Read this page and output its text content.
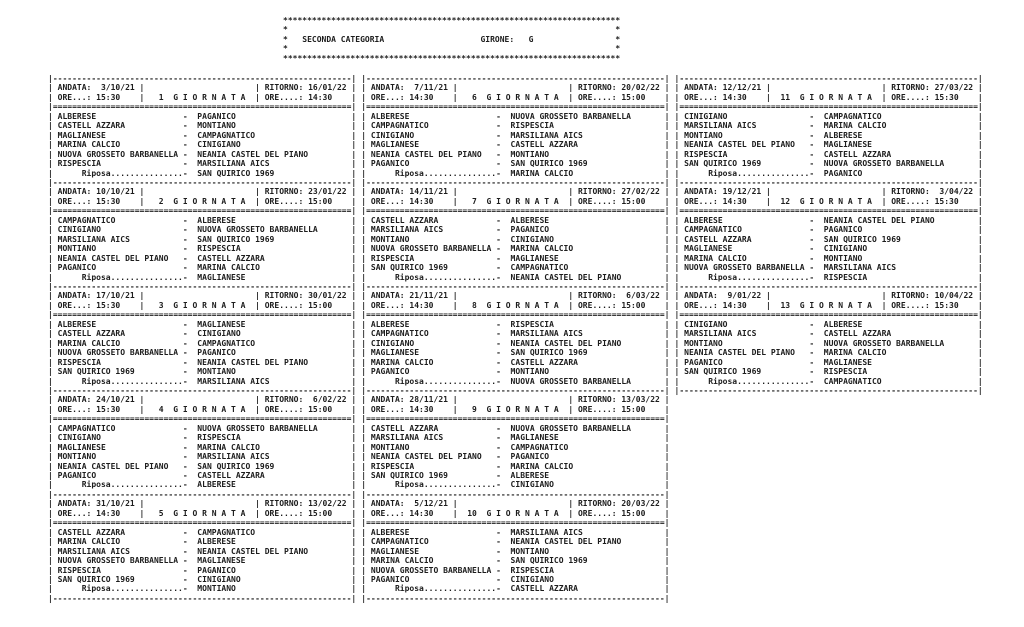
**********************************************************************
*                                                                    *
*   SECONDA CATEGORIA                    GIRONE:   G                 *
*                                                                    *
**********************************************************************
|--------------------------------------------------------------|
| ANDATA:  3/10/21 |                       | RITORNO: 16/01/22 |
| ORE...: 15:30    |   1  G I O R N A T A  | ORE....: 14:30    |
|==============================================================|
| ALBERESE                  -  PAGANICO                        |
| CASTELL AZZARA            -  MONTIANO                        |
| MAGLIANESE                -  CAMPAGNATICO                    |
| MARINA CALCIO             -  CINIGIANO                       |
| NUOVA GROSSETO BARBANELLA -  NEANIA CASTEL DEL PIANO         |
| RISPESCIA                 -  MARSILIANA AICS                 |
|      Riposa...............-  SAN QUIRICO 1969                |
|--------------------------------------------------------------|
| ANDATA: 10/10/21 |                       | RITORNO: 23/01/22 |
| ORE...: 15:30    |   2  G I O R N A T A  | ORE....: 15:00    |
|==============================================================|
| CAMPAGNATICO              -  ALBERESE                        |
| CINIGIANO                 -  NUOVA GROSSETO BARBANELLA       |
| MARSILIANA AICS           -  SAN QUIRICO 1969                |
| MONTIANO                  -  RISPESCIA                       |
| NEANIA CASTEL DEL PIANO   -  CASTELL AZZARA                  |
| PAGANICO                  -  MARINA CALCIO                   |
|      Riposa...............-  MAGLIANESE                      |
|--------------------------------------------------------------|
| ANDATA: 17/10/21 |                       | RITORNO: 30/01/22 |
| ORE...: 15:30    |   3  G I O R N A T A  | ORE....: 15:00    |
|==============================================================|
| ALBERESE                  -  MAGLIANESE                      |
| CASTELL AZZARA            -  CINIGIANO                       |
| MARINA CALCIO             -  CAMPAGNATICO                    |
| NUOVA GROSSETO BARBANELLA -  PAGANICO                        |
| RISPESCIA                 -  NEANIA CASTEL DEL PIANO         |
| SAN QUIRICO 1969          -  MONTIANO                        |
|      Riposa...............-  MARSILIANA AICS                 |
|--------------------------------------------------------------|
| ANDATA: 24/10/21 |                       | RITORNO:  6/02/22 |
| ORE...: 15:30    |   4  G I O R N A T A  | ORE....: 15:00    |
|==============================================================|
| CAMPAGNATICO              -  NUOVA GROSSETO BARBANELLA       |
| CINIGIANO                 -  RISPESCIA                       |
| MAGLIANESE                -  MARINA CALCIO                   |
| MONTIANO                  -  MARSILIANA AICS                 |
| NEANIA CASTEL DEL PIANO   -  SAN QUIRICO 1969                |
| PAGANICO                  -  CASTELL AZZARA                  |
|      Riposa...............-  ALBERESE                        |
|--------------------------------------------------------------|
| ANDATA: 31/10/21 |                       | RITORNO: 13/02/22 |
| ORE...: 14:30    |   5  G I O R N A T A  | ORE....: 15:00    |
|==============================================================|
| CASTELL AZZARA            -  CAMPAGNATICO                    |
| MARINA CALCIO             -  ALBERESE                        |
| MARSILIANA AICS           -  NEANIA CASTEL DEL PIANO         |
| NUOVA GROSSETO BARBANELLA -  MAGLIANESE                      |
| RISPESCIA                 -  PAGANICO                        |
| SAN QUIRICO 1969          -  CINIGIANO                       |
|      Riposa...............-  MONTIANO                        |
|--------------------------------------------------------------|
|--------------------------------------------------------------|
| ANDATA:  7/11/21 |                       | RITORNO: 20/02/22 |
| ORE...: 14:30    |   6  G I O R N A T A  | ORE....: 15:00    |
|==============================================================|
| ALBERESE                  -  NUOVA GROSSETO BARBANELLA       |
| CAMPAGNATICO              -  RISPESCIA                       |
| CINIGIANO                 -  MARSILIANA AICS                 |
| MAGLIANESE                -  CASTELL AZZARA                  |
| NEANIA CASTEL DEL PIANO   -  MONTIANO                        |
| PAGANICO                  -  SAN QUIRICO 1969                |
|      Riposa...............-  MARINA CALCIO                   |
|--------------------------------------------------------------|
| ANDATA: 14/11/21 |                       | RITORNO: 27/02/22 |
| ORE...: 14:30    |   7  G I O R N A T A  | ORE....: 15:00    |
|==============================================================|
| CASTELL AZZARA            -  ALBERESE                        |
| MARSILIANA AICS           -  PAGANICO                        |
| MONTIANO                  -  CINIGIANO                       |
| NUOVA GROSSETO BARBANELLA -  MARINA CALCIO                   |
| RISPESCIA                 -  MAGLIANESE                      |
| SAN QUIRICO 1969          -  CAMPAGNATICO                    |
|      Riposa...............-  NEANIA CASTEL DEL PIANO         |
|--------------------------------------------------------------|
| ANDATA: 21/11/21 |                       | RITORNO:  6/03/22 |
| ORE...: 14:30    |   8  G I O R N A T A  | ORE....: 15:00    |
|==============================================================|
| ALBERESE                  -  RISPESCIA                       |
| CAMPAGNATICO              -  MARSILIANA AICS                 |
| CINIGIANO                 -  NEANIA CASTEL DEL PIANO         |
| MAGLIANESE                -  SAN QUIRICO 1969                |
| MARINA CALCIO             -  CASTELL AZZARA                  |
| PAGANICO                  -  MONTIANO                        |
|      Riposa...............-  NUOVA GROSSETO BARBANELLA       |
|--------------------------------------------------------------|
| ANDATA: 28/11/21 |                       | RITORNO: 13/03/22 |
| ORE...: 14:30    |   9  G I O R N A T A  | ORE....: 15:00    |
|==============================================================|
| CASTELL AZZARA            -  NUOVA GROSSETO BARBANELLA       |
| MARSILIANA AICS           -  MAGLIANESE                      |
| MONTIANO                  -  CAMPAGNATICO                    |
| NEANIA CASTEL DEL PIANO   -  PAGANICO                        |
| RISPESCIA                 -  MARINA CALCIO                   |
| SAN QUIRICO 1969          -  ALBERESE                        |
|      Riposa...............-  CINIGIANO                       |
|--------------------------------------------------------------|
| ANDATA:  5/12/21 |                       | RITORNO: 20/03/22 |
| ORE...: 14:30    |  10  G I O R N A T A  | ORE....: 15:00    |
|==============================================================|
| ALBERESE                  -  MARSILIANA AICS                 |
| CAMPAGNATICO              -  NEANIA CASTEL DEL PIANO         |
| MAGLIANESE                -  MONTIANO                        |
| MARINA CALCIO             -  SAN QUIRICO 1969                |
| NUOVA GROSSETO BARBANELLA -  RISPESCIA                       |
| PAGANICO                  -  CINIGIANO                       |
|      Riposa...............-  CASTELL AZZARA                  |
|--------------------------------------------------------------|
|--------------------------------------------------------------|
| ANDATA: 12/12/21 |                       | RITORNO: 27/03/22 |
| ORE...: 14:30    |  11  G I O R N A T A  | ORE....: 15:30    |
|==============================================================|
| CINIGIANO                 -  CAMPAGNATICO                    |
| MARSILIANA AICS           -  MARINA CALCIO                   |
| MONTIANO                  -  ALBERESE                        |
| NEANIA CASTEL DEL PIANO   -  MAGLIANESE                      |
| RISPESCIA                 -  CASTELL AZZARA                  |
| SAN QUIRICO 1969          -  NUOVA GROSSETO BARBANELLA       |
|      Riposa...............-  PAGANICO                        |
|--------------------------------------------------------------|
| ANDATA: 19/12/21 |                       | RITORNO:  3/04/22 |
| ORE...: 14:30    |  12  G I O R N A T A  | ORE....: 15:30    |
|==============================================================|
| ALBERESE                  -  NEANIA CASTEL DEL PIANO         |
| CAMPAGNATICO              -  PAGANICO                        |
| CASTELL AZZARA            -  SAN QUIRICO 1969                |
| MAGLIANESE                -  CINIGIANO                       |
| MARINA CALCIO             -  MONTIANO                        |
| NUOVA GROSSETO BARBANELLA -  MARSILIANA AICS                 |
|      Riposa...............-  RISPESCIA                       |
|--------------------------------------------------------------|
| ANDATA:  9/01/22 |                       | RITORNO: 10/04/22 |
| ORE...: 14:30    |  13  G I O R N A T A  | ORE....: 15:30    |
|==============================================================|
| CINIGIANO                 -  ALBERESE                        |
| MARSILIANA AICS           -  CASTELL AZZARA                  |
| MONTIANO                  -  NUOVA GROSSETO BARBANELLA       |
| NEANIA CASTEL DEL PIANO   -  MARINA CALCIO                   |
| PAGANICO                  -  MAGLIANESE                      |
| SAN QUIRICO 1969          -  RISPESCIA                       |
|      Riposa...............-  CAMPAGNATICO                    |
|--------------------------------------------------------------|
